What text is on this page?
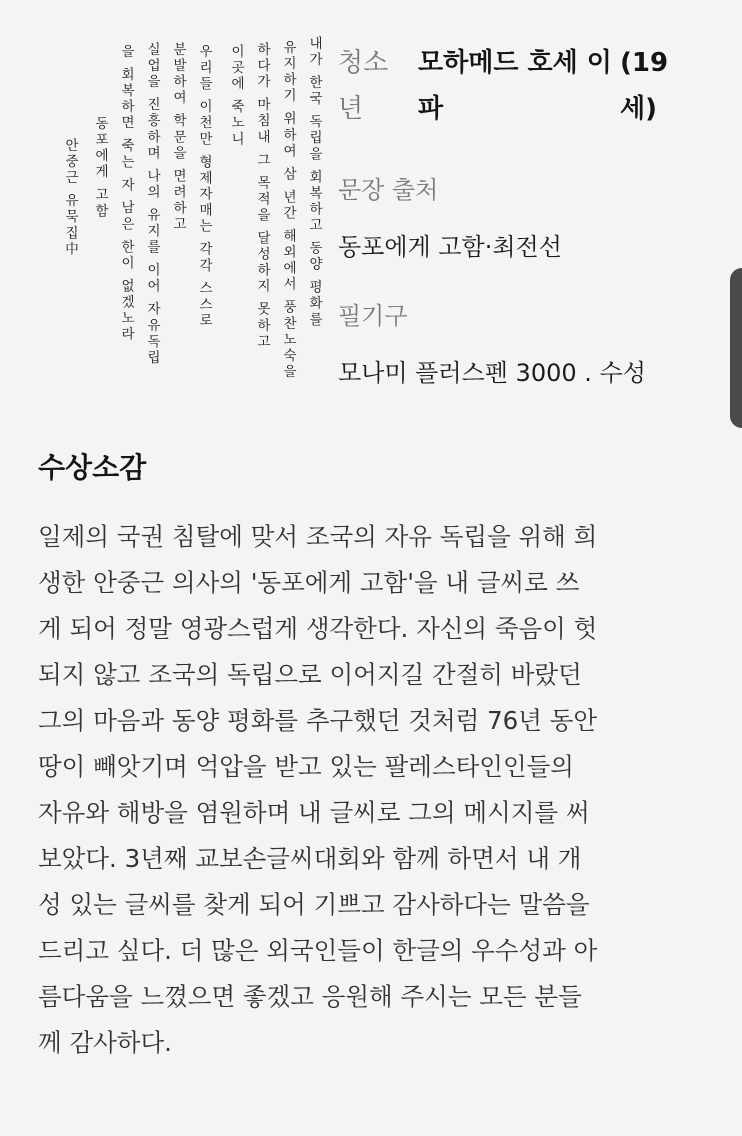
내가 한국 독립을 회복하고 동양 평화를
유지하기 위하여 삼 년간 해외에서 풍찬노숙을
하다가 마침내 그 목적을 달성하지 못하고
이곳에 죽노니
우리들 이천만 형제자매는 각각 스스로
분발하여 학문을 면려하고
실업을 진흥하며 나의 유지를 이어 자유독립
을 회복하면 죽는 자 남은 한이 없겠노라
동포에게 고함
안중근 유묵집中
청소년
모하메드 호세 이파
(19세)
문장 출처
동포에게 고함·최전선
필기구
모나미 플러스펜 3000 . 수성
수상소감
일제의 국권 침탈에 맞서 조국의 자유 독립을 위해 희
생한 안중근 의사의 '동포에게 고함'을 내 글씨로 쓰
게 되어 정말 영광스럽게 생각한다. 자신의 죽음이 헛
되지 않고 조국의 독립으로 이어지길 간절히 바랐던
그의 마음과 동양 평화를 추구했던 것처럼 76년 동안
땅이 빼앗기며 억압을 받고 있는 팔레스타인인들의
자유와 해방을 염원하며 내 글씨로 그의 메시지를 써
보았다. 3년째 교보손글씨대회와 함께 하면서 내 개
성 있는 글씨를 찾게 되어 기쁘고 감사하다는 말씀을
드리고 싶다. 더 많은 외국인들이 한글의 우수성과 아
름다움을 느꼈으면 좋겠고 응원해 주시는 모든 분들
께 감사하다.
